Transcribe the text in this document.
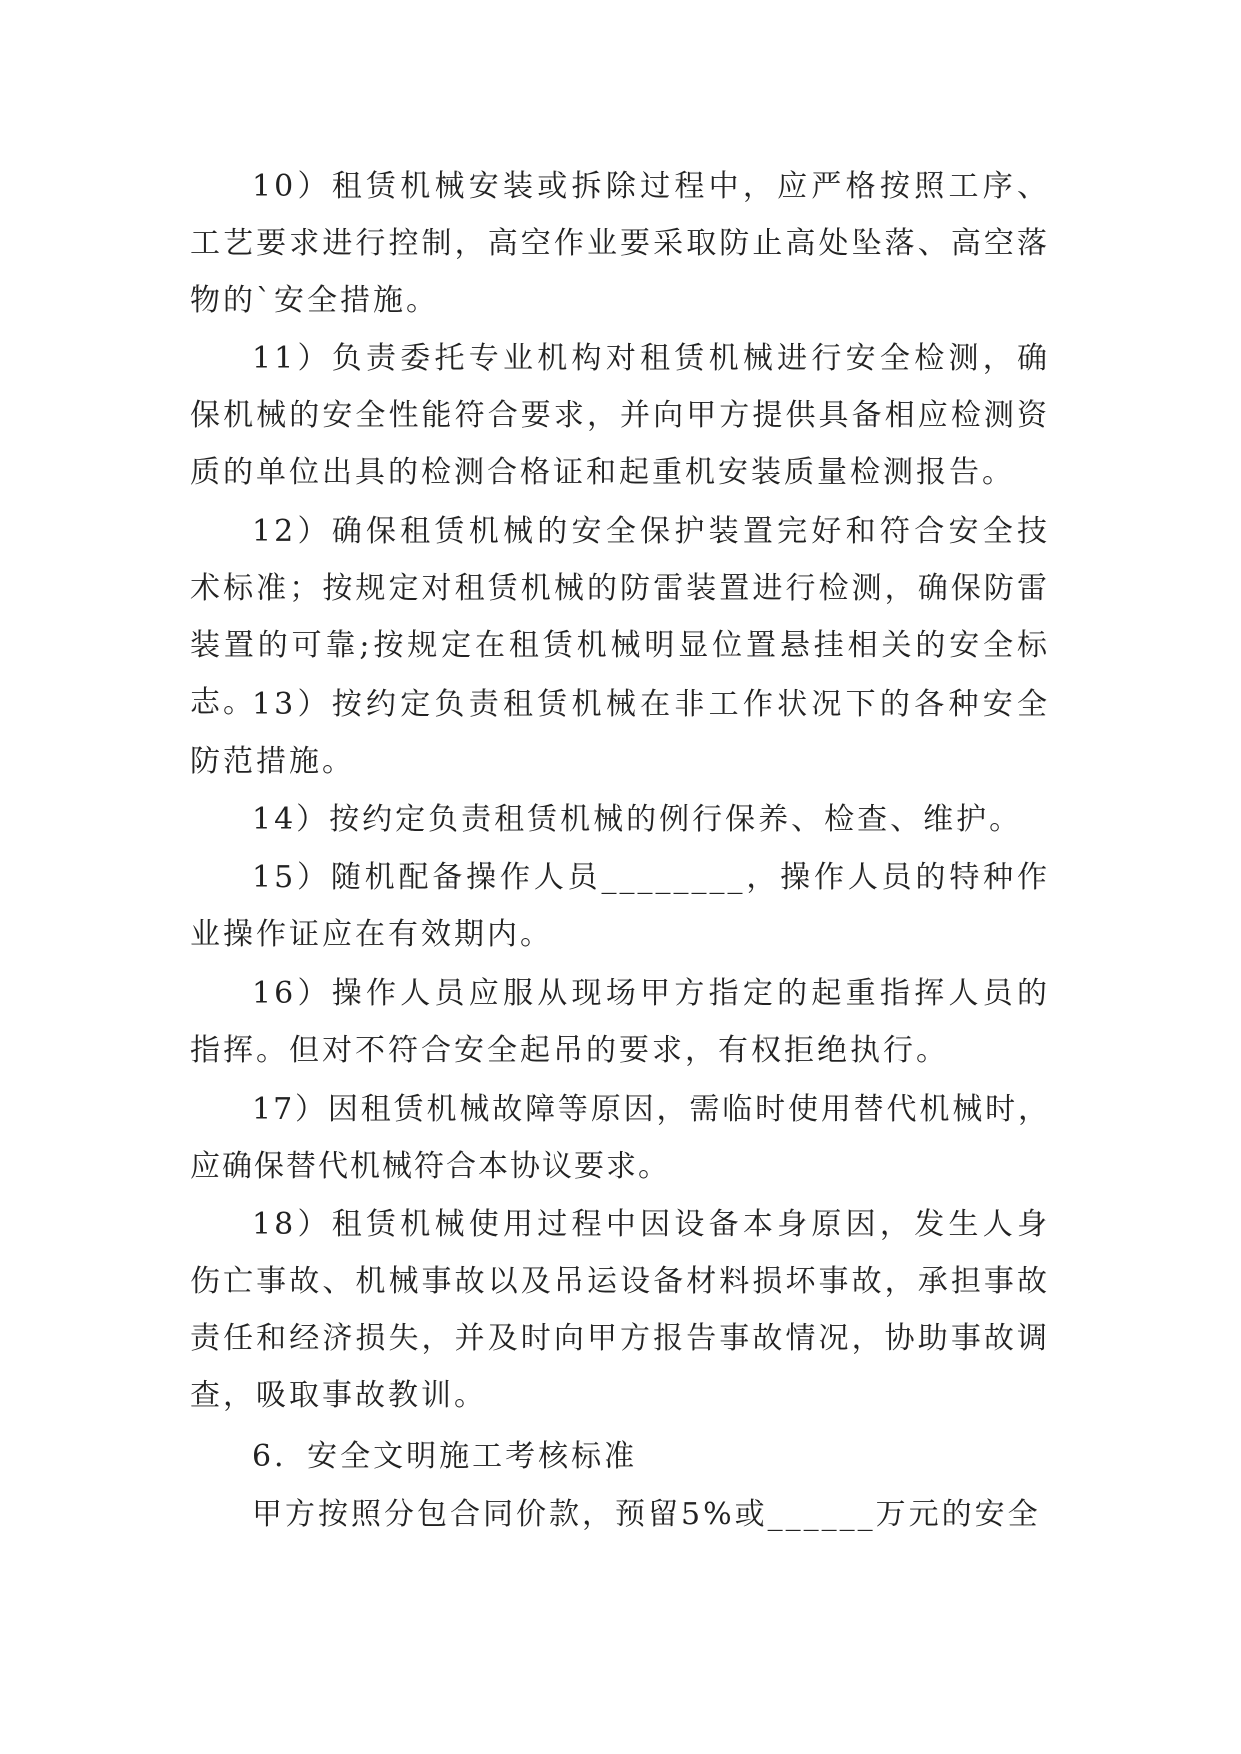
10）租赁机械安装或拆除过程中，应严格按照工序、工艺要求进行控制，高空作业要采取防止高处坠落、高空落物的`安全措施。
11）负责委托专业机构对租赁机械进行安全检测，确保机械的安全性能符合要求，并向甲方提供具备相应检测资质的单位出具的检测合格证和起重机安装质量检测报告。
12）确保租赁机械的安全保护装置完好和符合安全技术标准；按规定对租赁机械的防雷装置进行检测，确保防雷装置的可靠;按规定在租赁机械明显位置悬挂相关的安全标志。
13）按约定负责租赁机械在非工作状况下的各种安全防范措施。
14）按约定负责租赁机械的例行保养、检查、维护。
15）随机配备操作人员________，操作人员的特种作业操作证应在有效期内。
16）操作人员应服从现场甲方指定的起重指挥人员的指挥。但对不符合安全起吊的要求，有权拒绝执行。
17）因租赁机械故障等原因，需临时使用替代机械时，应确保替代机械符合本协议要求。
18）租赁机械使用过程中因设备本身原因，发生人身伤亡事故、机械事故以及吊运设备材料损坏事故，承担事故责任和经济损失，并及时向甲方报告事故情况，协助事故调查，吸取事故教训。
6．安全文明施工考核标准
甲方按照分包合同价款，预留5%或______万元的安全
